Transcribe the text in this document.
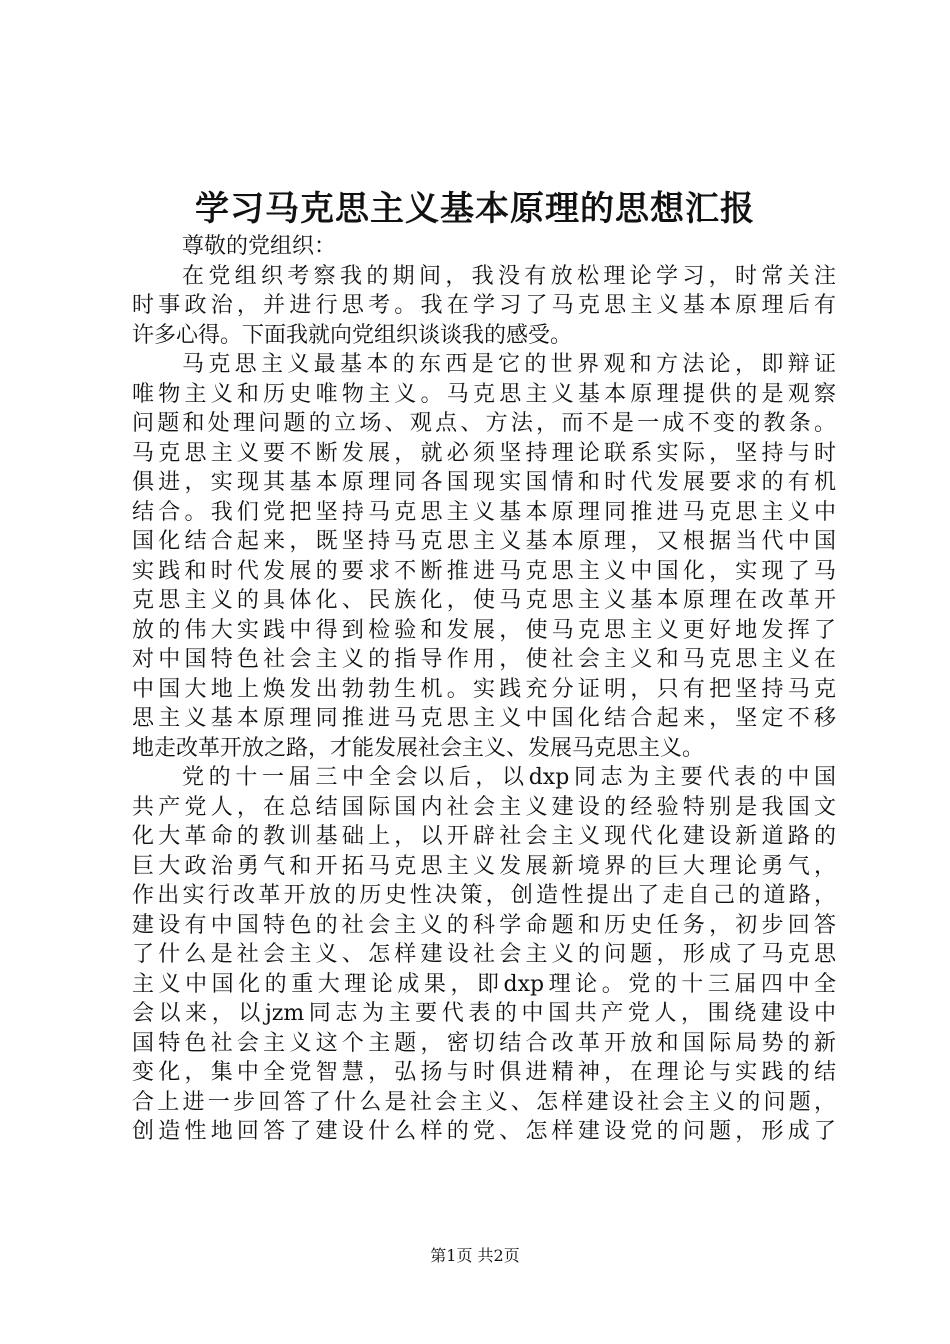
学习马克思主义基本原理的思想汇报
尊敬的党组织：
在党组织考察我的期间，我没有放松理论学习，时常关注
时事政治，并进行思考。我在学习了马克思主义基本原理后有
许多心得。下面我就向党组织谈谈我的感受。
马克思主义最基本的东西是它的世界观和方法论，即辩证
唯物主义和历史唯物主义。马克思主义基本原理提供的是观察
问题和处理问题的立场、观点、方法，而不是一成不变的教条。
马克思主义要不断发展，就必须坚持理论联系实际，坚持与时
俱进，实现其基本原理同各国现实国情和时代发展要求的有机
结合。我们党把坚持马克思主义基本原理同推进马克思主义中
国化结合起来，既坚持马克思主义基本原理，又根据当代中国
实践和时代发展的要求不断推进马克思主义中国化，实现了马
克思主义的具体化、民族化，使马克思主义基本原理在改革开
放的伟大实践中得到检验和发展，使马克思主义更好地发挥了
对中国特色社会主义的指导作用，使社会主义和马克思主义在
中国大地上焕发出勃勃生机。实践充分证明，只有把坚持马克
思主义基本原理同推进马克思主义中国化结合起来，坚定不移
地走改革开放之路，才能发展社会主义、发展马克思主义。
党的十一届三中全会以后，以dxp同志为主要代表的中国
共产党人，在总结国际国内社会主义建设的经验特别是我国文
化大革命的教训基础上，以开辟社会主义现代化建设新道路的
巨大政治勇气和开拓马克思主义发展新境界的巨大理论勇气，
作出实行改革开放的历史性决策，创造性提出了走自己的道路，
建设有中国特色的社会主义的科学命题和历史任务，初步回答
了什么是社会主义、怎样建设社会主义的问题，形成了马克思
主义中国化的重大理论成果，即dxp理论。党的十三届四中全
会以来，以jzm同志为主要代表的中国共产党人，围绕建设中
国特色社会主义这个主题，密切结合改革开放和国际局势的新
变化，集中全党智慧，弘扬与时俱进精神，在理论与实践的结
合上进一步回答了什么是社会主义、怎样建设社会主义的问题，
创造性地回答了建设什么样的党、怎样建设党的问题，形成了
第1页 共2页
